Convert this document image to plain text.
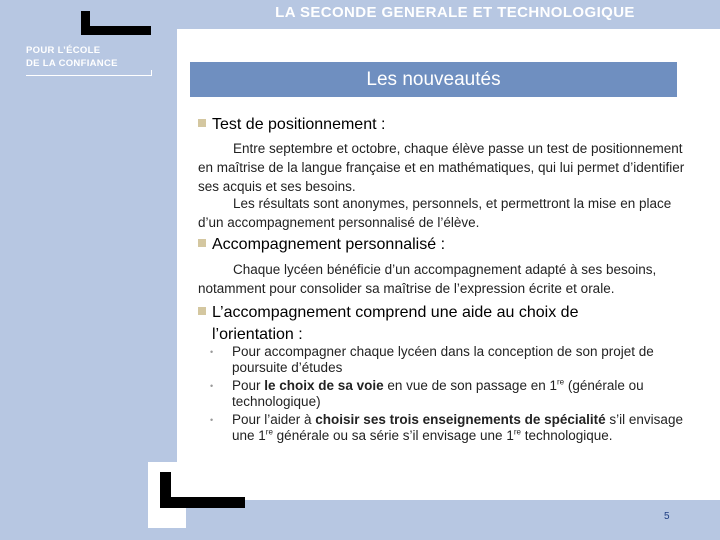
POUR L’ÉCOLE
DE LA CONFIANCE
LA SECONDE GENERALE ET TECHNOLOGIQUE
Les nouveautés
Test de positionnement :
Entre septembre et octobre, chaque élève passe un test de positionnement en maîtrise de la langue française et en mathématiques, qui lui permet d’identifier ses acquis et ses besoins.
Les résultats sont anonymes, personnels, et permettront la mise en place d’un accompagnement personnalisé de l’élève.
Accompagnement personnalisé :
Chaque lycéen bénéficie d’un accompagnement adapté à ses besoins, notamment pour consolider sa maîtrise de l’expression écrite et orale.
L’accompagnement comprend une aide au choix de
l’orientation :
• Pour accompagner chaque lycéen dans la conception de son projet de poursuite d’études
• Pour le choix de sa voie en vue de son passage en 1re (générale ou technologique)
• Pour l’aider à choisir ses trois enseignements de spécialité s’il envisage une 1re générale ou sa série s’il envisage une 1re technologique.
5
